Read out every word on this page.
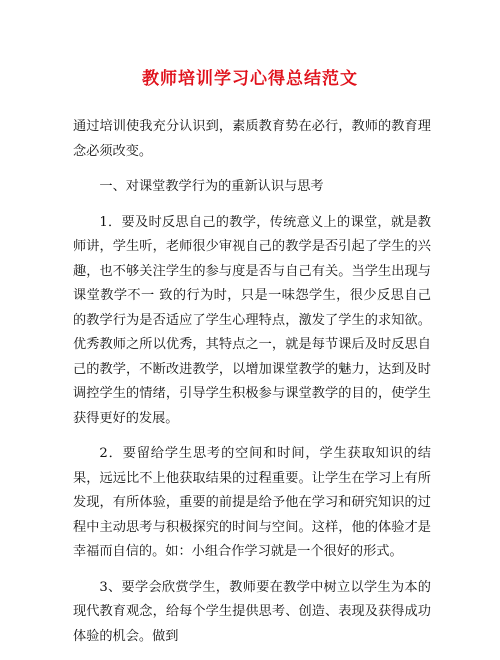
教师培训学习心得总结范文

通过培训使我充分认识到，素质教育势在必行，教师的教育理念必须改变。

一、对课堂教学行为的重新认识与思考

1．要及时反思自己的教学，传统意义上的课堂，就是教师讲，学生听，老师很少审视自己的教学是否引起了学生的兴趣，也不够关注学生的参与度是否与自己有关。当学生出现与课堂教学不一 致的行为时，只是一味怨学生，很少反思自己的教学行为是否适应了学生心理特点，激发了学生的求知欲。优秀教师之所以优秀，其特点之一，就是每节课后及时反思自己的教学，不断改进教学，以增加课堂教学的魅力，达到及时调控学生的情绪，引导学生积极参与课堂教学的目的，使学生获得更好的发展。

2．要留给学生思考的空间和时间，学生获取知识的结果，远远比不上他获取结果的过程重要。让学生在学习上有所发现，有所体验，重要的前提是给予他在学习和研究知识的过程中主动思考与积极探究的时间与空间。这样，他的体验才是幸福而自信的。如：小组合作学习就是一个很好的形式。

3、要学会欣赏学生，教师要在教学中树立以学生为本的现代教育观念，给每个学生提供思考、创造、表现及获得成功体验的机会。做到
